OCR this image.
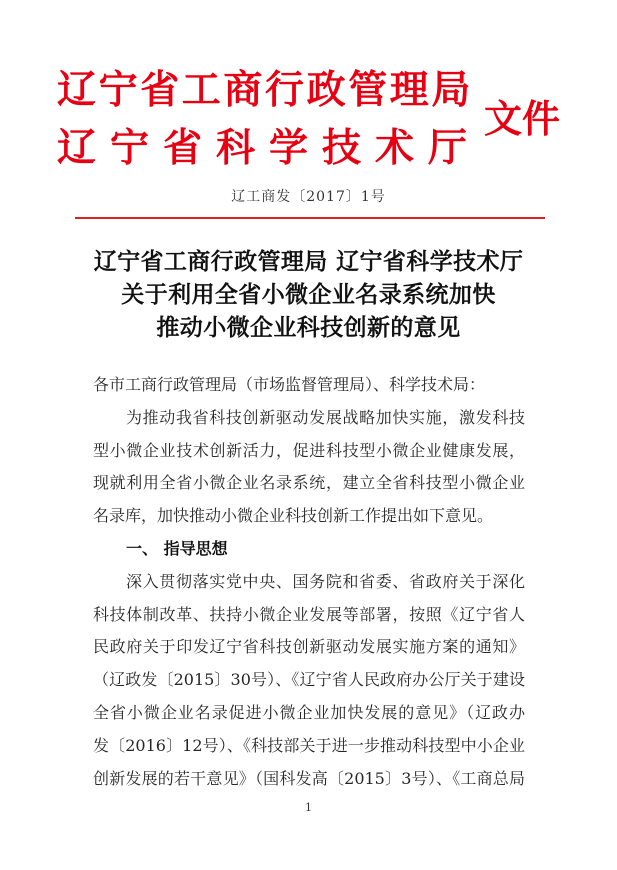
辽宁省工商行政管理局
辽宁省科学技术厅
文件
辽工商发〔2017〕1号
辽宁省工商行政管理局 辽宁省科学技术厅
关于利用全省小微企业名录系统加快
推动小微企业科技创新的意见
各市工商行政管理局（市场监督管理局）、科学技术局：
为推动我省科技创新驱动发展战略加快实施，激发科技
型小微企业技术创新活力，促进科技型小微企业健康发展，
现就利用全省小微企业名录系统，建立全省科技型小微企业
名录库，加快推动小微企业科技创新工作提出如下意见。
一、 指导思想
深入贯彻落实党中央、国务院和省委、省政府关于深化
科技体制改革、扶持小微企业发展等部署，按照《辽宁省人
民政府关于印发辽宁省科技创新驱动发展实施方案的通知》
（辽政发〔2015〕30号）、《辽宁省人民政府办公厅关于建设
全省小微企业名录促进小微企业加快发展的意见》（辽政办
发〔2016〕12号）、《科技部关于进一步推动科技型中小企业
创新发展的若干意见》（国科发高〔2015〕3号）、《工商总局
1
